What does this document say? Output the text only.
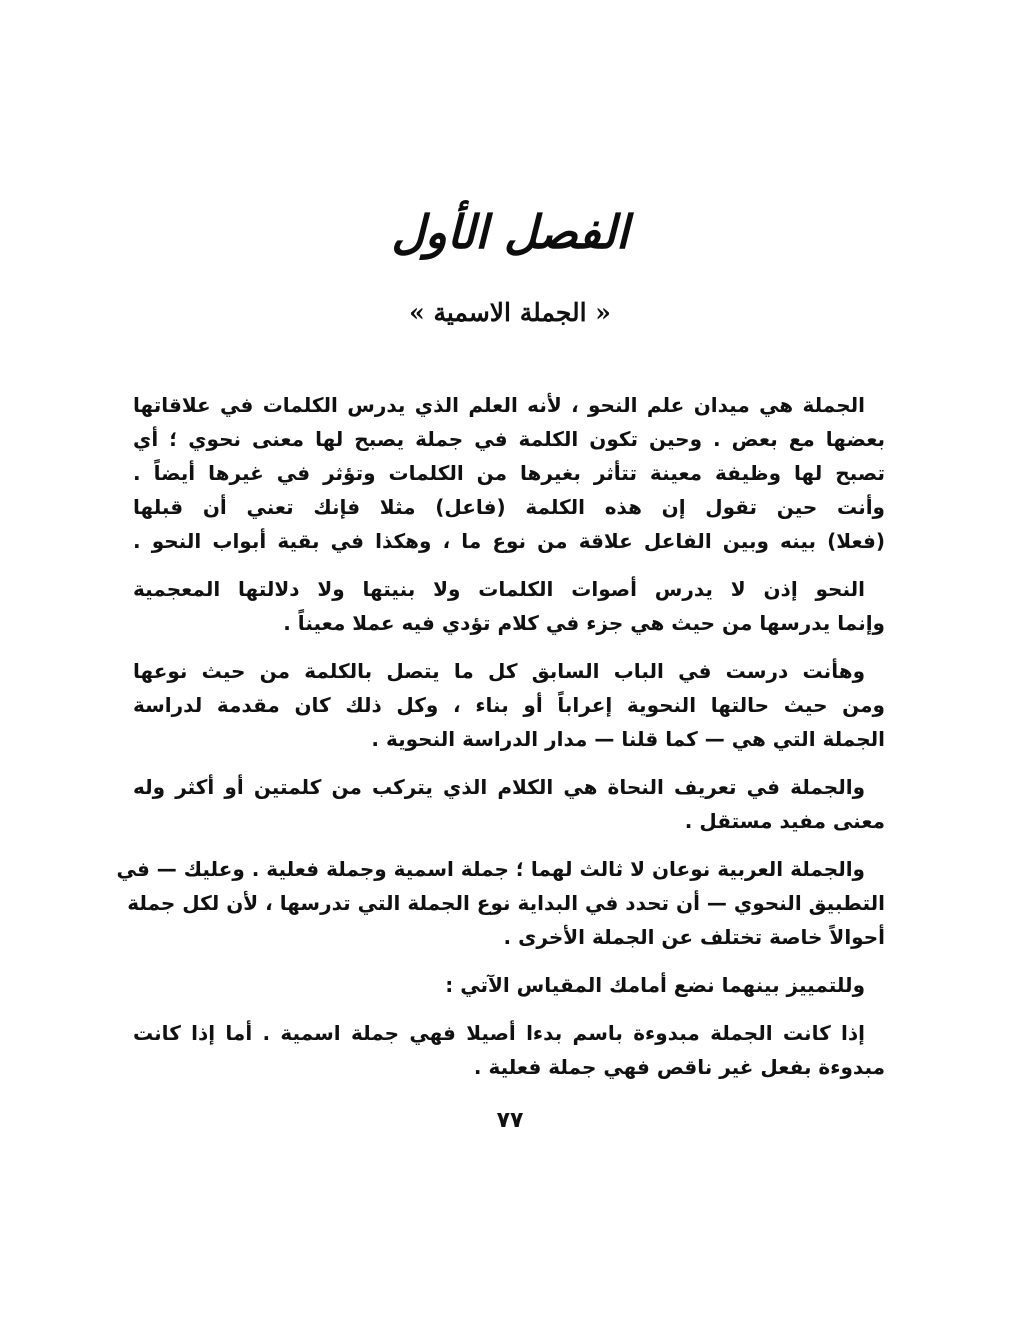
الفصل الأول
« الجملة الاسمية »

الجملة هي ميدان علم النحو ، لأنه العلم الذي يدرس الكلمات في علاقاتها
بعضها مع بعض . وحين تكون الكلمة في جملة يصبح لها معنى نحوي ؛ أي
تصبح لها وظيفة معينة تتأثر بغيرها من الكلمات وتؤثر في غيرها أيضاً .
وأنت حين تقول إن هذه الكلمة (فاعل) مثلا فإنك تعني أن قبلها
(فعلا) بينه وبين الفاعل علاقة من نوع ما ، وهكذا في بقية أبواب النحو .

النحو إذن لا يدرس أصوات الكلمات ولا بنيتها ولا دلالتها المعجمية
وإنما يدرسها من حيث هي جزء في كلام تؤدي فيه عملا معيناً .

وهأنت درست في الباب السابق كل ما يتصل بالكلمة من حيث نوعها
ومن حيث حالتها النحوية إعراباً أو بناء ، وكل ذلك كان مقدمة لدراسة
الجملة التي هي — كما قلنا — مدار الدراسة النحوية .

والجملة في تعريف النحاة هي الكلام الذي يتركب من كلمتين أو أكثر وله
معنى مفيد مستقل .

والجملة العربية نوعان لا ثالث لهما ؛ جملة اسمية وجملة فعلية . وعليك — في
التطبيق النحوي — أن تحدد في البداية نوع الجملة التي تدرسها ، لأن لكل جملة
أحوالاً خاصة تختلف عن الجملة الأخرى .

وللتمييز بينهما نضع أمامك المقياس الآتي :

إذا كانت الجملة مبدوءة باسم بدءا أصيلا فهي جملة اسمية . أما إذا كانت
مبدوءة بفعل غير ناقص فهي جملة فعلية .

٧٧
